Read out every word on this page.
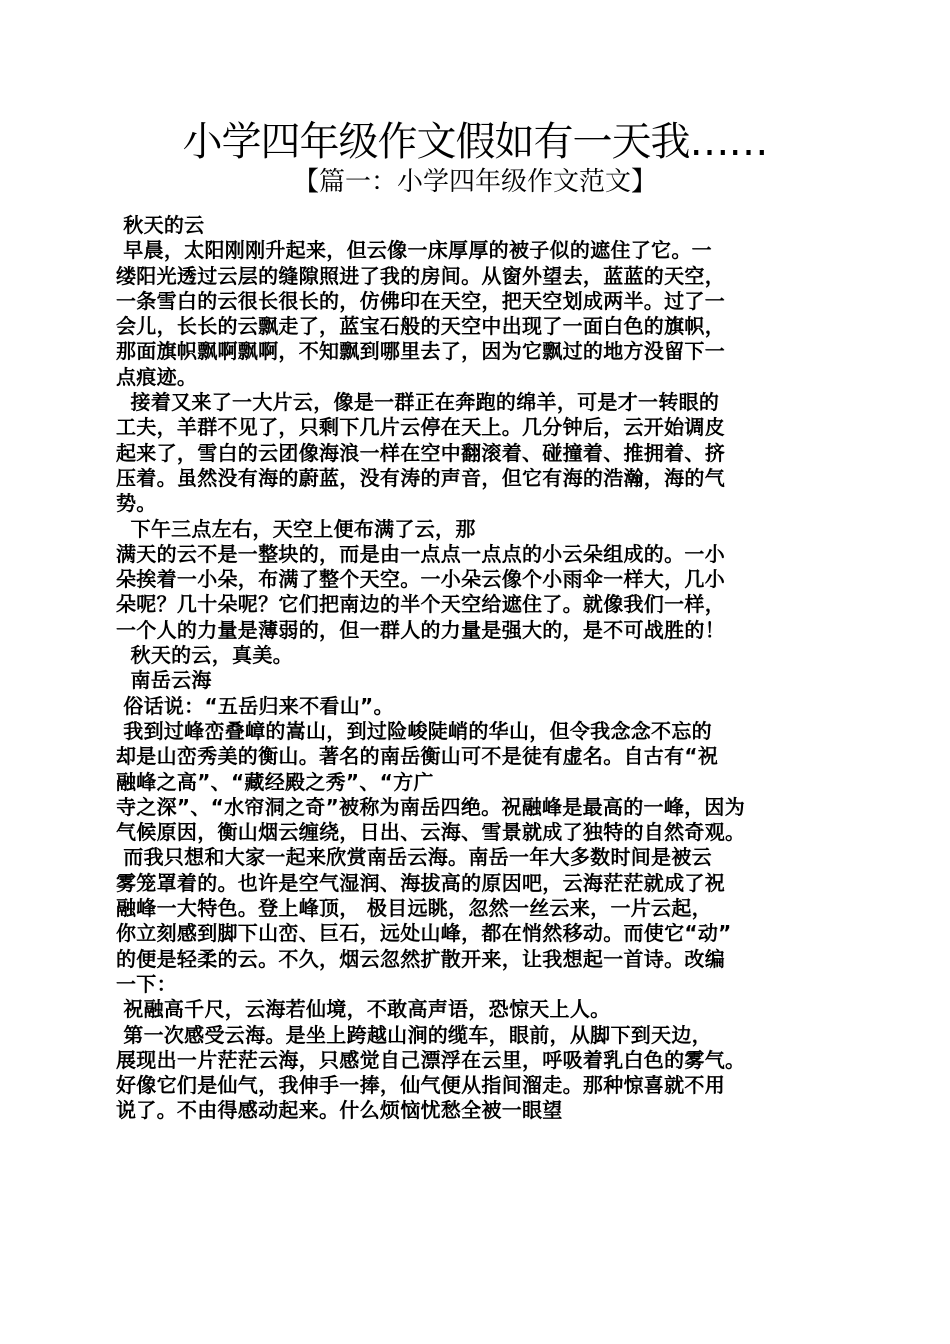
小学四年级作文假如有一天我……
【篇一：小学四年级作文范文】
秋天的云
早晨，太阳刚刚升起来，但云像一床厚厚的被子似的遮住了它。一
缕阳光透过云层的缝隙照进了我的房间。从窗外望去，蓝蓝的天空，
一条雪白的云很长很长的，仿佛印在天空，把天空划成两半。过了一
会儿，长长的云飘走了，蓝宝石般的天空中出现了一面白色的旗帜，
那面旗帜飘啊飘啊，不知飘到哪里去了，因为它飘过的地方没留下一
点痕迹。
接着又来了一大片云，像是一群正在奔跑的绵羊，可是才一转眼的
工夫，羊群不见了，只剩下几片云停在天上。几分钟后，云开始调皮
起来了，雪白的云团像海浪一样在空中翻滚着、碰撞着、推拥着、挤
压着。虽然没有海的蔚蓝，没有涛的声音，但它有海的浩瀚，海的气
势。
下午三点左右，天空上便布满了云，那
满天的云不是一整块的，而是由一点点一点点的小云朵组成的。一小
朵挨着一小朵，布满了整个天空。一小朵云像个小雨伞一样大，几小
朵呢？几十朵呢？它们把南边的半个天空给遮住了。就像我们一样，
一个人的力量是薄弱的，但一群人的力量是强大的，是不可战胜的！
秋天的云，真美。
南岳云海
俗话说：“五岳归来不看山”。
我到过峰峦叠嶂的嵩山，到过险峻陡峭的华山，但令我念念不忘的
却是山峦秀美的衡山。著名的南岳衡山可不是徒有虚名。自古有“祝
融峰之高”、“藏经殿之秀”、“方广
寺之深”、“水帘洞之奇”被称为南岳四绝。祝融峰是最高的一峰，因为
气候原因，衡山烟云缠绕，日出、云海、雪景就成了独特的自然奇观。
而我只想和大家一起来欣赏南岳云海。南岳一年大多数时间是被云
雾笼罩着的。也许是空气湿润、海拔高的原因吧，云海茫茫就成了祝
融峰一大特色。登上峰顶， 极目远眺，忽然一丝云来，一片云起，
你立刻感到脚下山峦、巨石，远处山峰，都在悄然移动。而使它“动”
的便是轻柔的云。不久，烟云忽然扩散开来，让我想起一首诗。改编
一下：
祝融高千尺，云海若仙境，不敢高声语，恐惊天上人。
第一次感受云海。是坐上跨越山涧的缆车，眼前，从脚下到天边，
展现出一片茫茫云海，只感觉自己漂浮在云里，呼吸着乳白色的雾气。
好像它们是仙气，我伸手一捧，仙气便从指间溜走。那种惊喜就不用
说了。不由得感动起来。什么烦恼忧愁全被一眼望
